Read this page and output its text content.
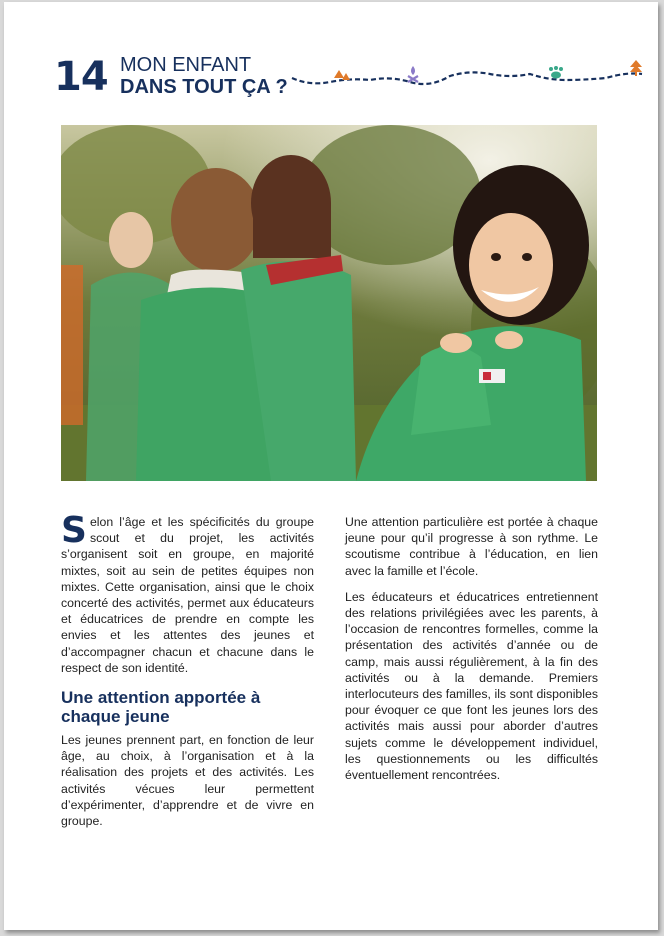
14 MON ENFANT
DANS TOUT ÇA ?

Selon l’âge et les spécificités du groupe scout et du projet, les activités s’organisent soit en groupe, en majorité mixtes, soit au sein de petites équipes non mixtes. Cette organisation, ainsi que le choix concerté des activités, permet aux éducateurs et éducatrices de prendre en compte les envies et les attentes des jeunes et d’accompagner chacun et chacune dans le respect de son identité.

Une attention apportée à chaque jeune

Les jeunes prennent part, en fonction de leur âge, au choix, à l’organisation et à la réalisation des projets et des activités. Les activités vécues leur permettent d’expérimenter, d’apprendre et de vivre en groupe.

Une attention particulière est portée à chaque jeune pour qu’il progresse à son rythme. Le scoutisme contribue à l’éducation, en lien avec la famille et l’école.

Les éducateurs et éducatrices entretiennent des relations privilégiées avec les parents, à l’occasion de rencontres formelles, comme la présentation des activités d’année ou de camp, mais aussi régulièrement, à la fin des activités ou à la demande. Premiers interlocuteurs des familles, ils sont disponibles pour évoquer ce que font les jeunes lors des activités mais aussi pour aborder d’autres sujets comme le développement individuel, les questionnements ou les difficultés éventuellement rencontrées.
